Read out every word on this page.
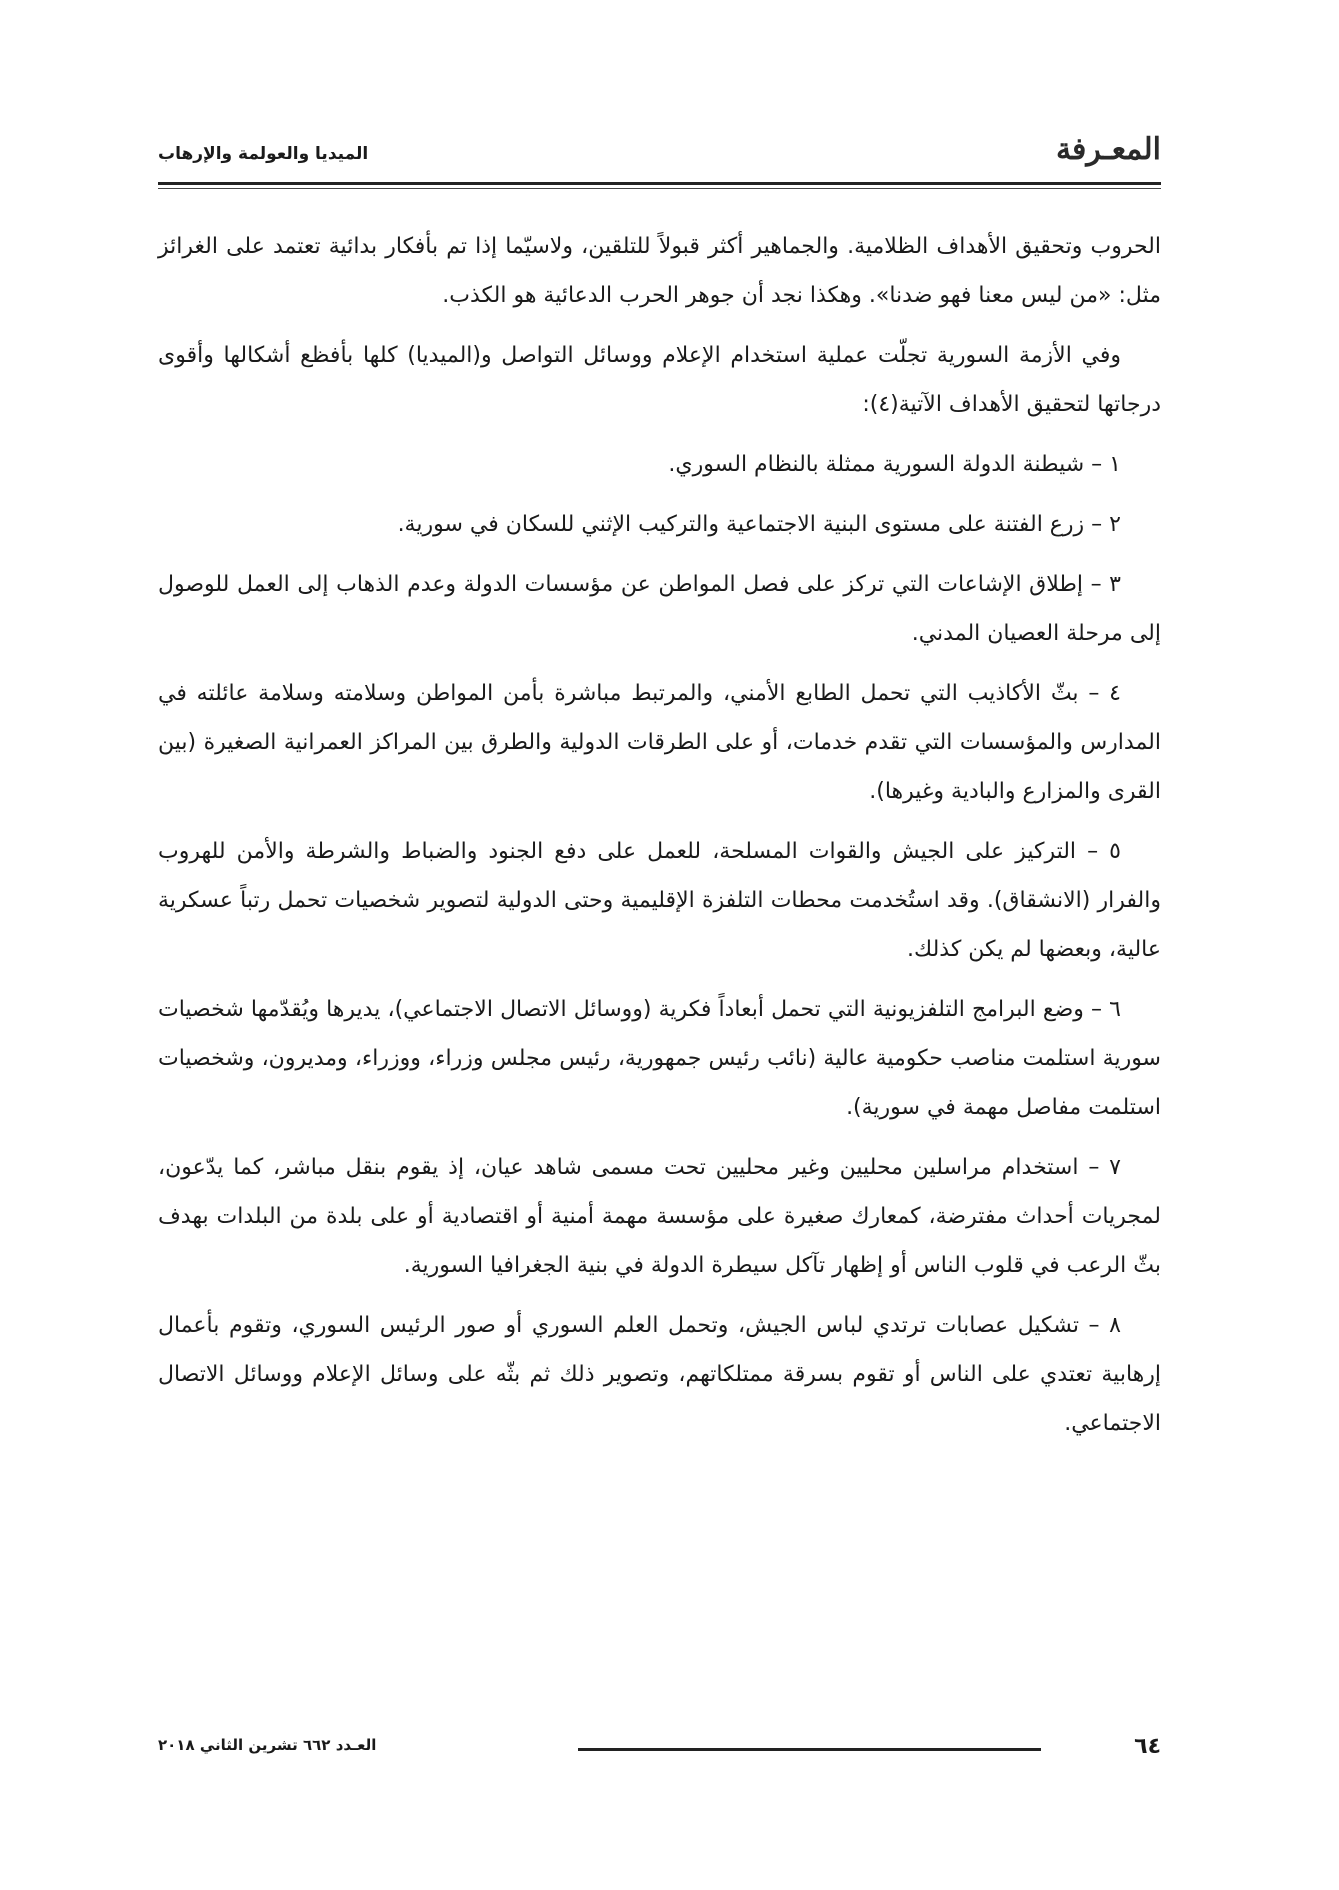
المعـرفة
الميديا والعولمة والإرهاب

الحروب وتحقيق الأهداف الظلامية. والجماهير أكثر قبولاً للتلقين، ولاسيّما إذا تم بأفكار بدائية تعتمد على الغرائز مثل: «من ليس معنا فهو ضدنا». وهكذا نجد أن جوهر الحرب الدعائية هو الكذب.

وفي الأزمة السورية تجلّت عملية استخدام الإعلام ووسائل التواصل و(الميديا) كلها بأفظع أشكالها وأقوى درجاتها لتحقيق الأهداف الآتية(٤):

١ – شيطنة الدولة السورية ممثلة بالنظام السوري.

٢ – زرع الفتنة على مستوى البنية الاجتماعية والتركيب الإثني للسكان في سورية.

٣ – إطلاق الإشاعات التي تركز على فصل المواطن عن مؤسسات الدولة وعدم الذهاب إلى العمل للوصول إلى مرحلة العصيان المدني.

٤ – بثّ الأكاذيب التي تحمل الطابع الأمني، والمرتبط مباشرة بأمن المواطن وسلامته وسلامة عائلته في المدارس والمؤسسات التي تقدم خدمات، أو على الطرقات الدولية والطرق بين المراكز العمرانية الصغيرة (بين القرى والمزارع والبادية وغيرها).

٥ – التركيز على الجيش والقوات المسلحة، للعمل على دفع الجنود والضباط والشرطة والأمن للهروب والفرار (الانشقاق). وقد استُخدمت محطات التلفزة الإقليمية وحتى الدولية لتصوير شخصيات تحمل رتباً عسكرية عالية، وبعضها لم يكن كذلك.

٦ – وضع البرامج التلفزيونية التي تحمل أبعاداً فكرية (ووسائل الاتصال الاجتماعي)، يديرها ويُقدّمها شخصيات سورية استلمت مناصب حكومية عالية (نائب رئيس جمهورية، رئيس مجلس وزراء، ووزراء، ومديرون، وشخصيات استلمت مفاصل مهمة في سورية).

٧ – استخدام مراسلين محليين وغير محليين تحت مسمى شاهد عيان، إذ يقوم بنقل مباشر، كما يدّعون، لمجريات أحداث مفترضة، كمعارك صغيرة على مؤسسة مهمة أمنية أو اقتصادية أو على بلدة من البلدات بهدف بثّ الرعب في قلوب الناس أو إظهار تآكل سيطرة الدولة في بنية الجغرافيا السورية.

٨ – تشكيل عصابات ترتدي لباس الجيش، وتحمل العلم السوري أو صور الرئيس السوري، وتقوم بأعمال إرهابية تعتدي على الناس أو تقوم بسرقة ممتلكاتهم، وتصوير ذلك ثم بثّه على وسائل الإعلام ووسائل الاتصال الاجتماعي.

٦٤
العـدد ٦٦٢ تشرين الثاني ٢٠١٨
